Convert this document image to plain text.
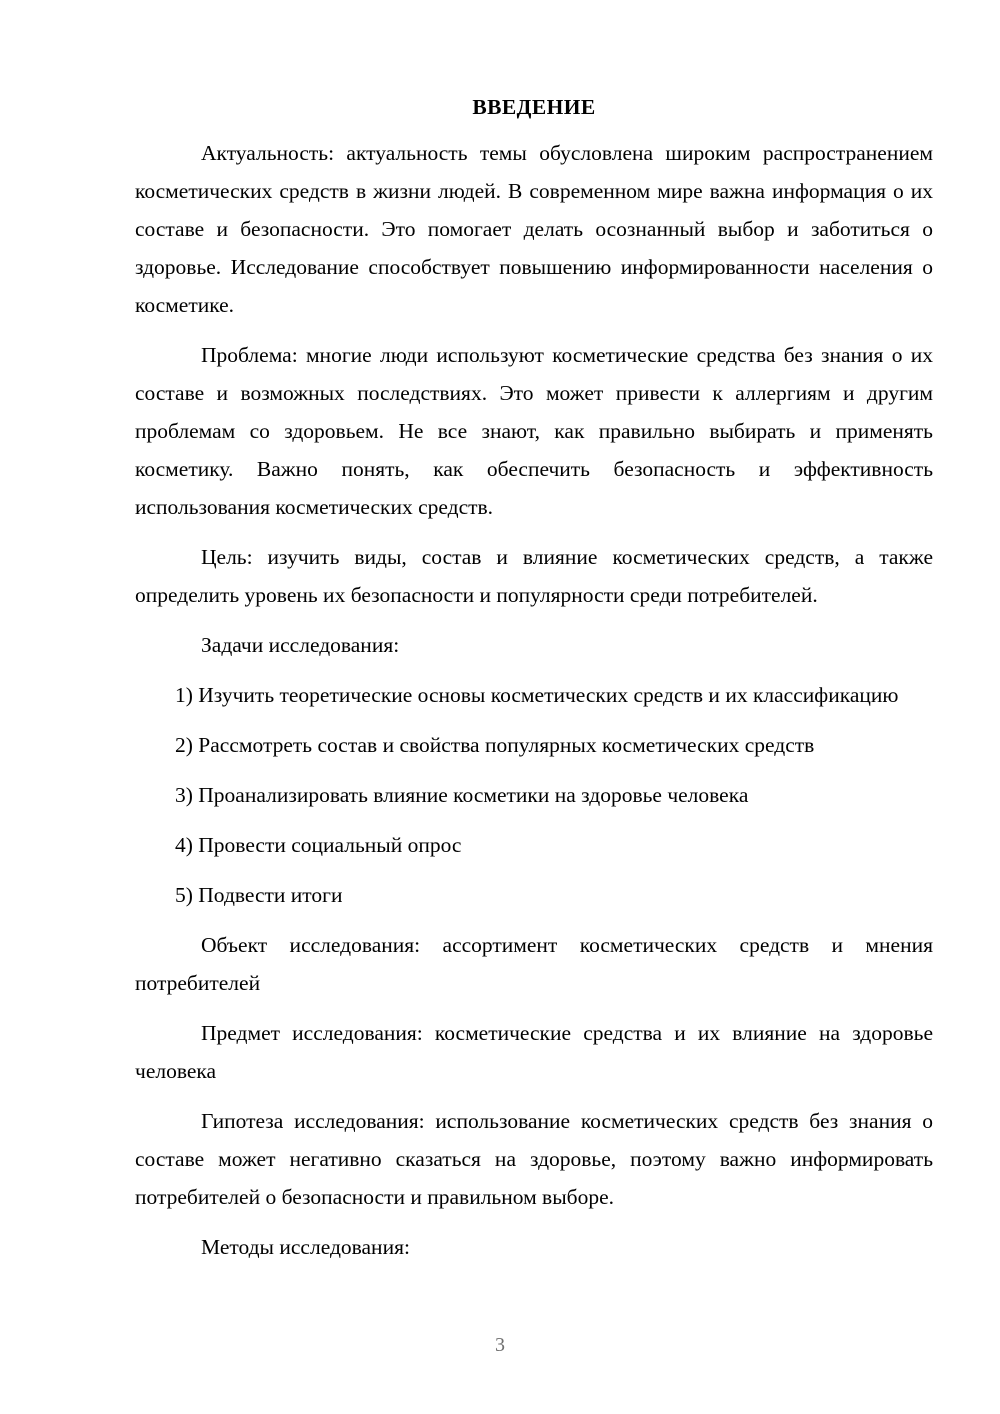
ВВЕДЕНИЕ

Актуальность: актуальность темы обусловлена широким распространением косметических средств в жизни людей. В современном мире важна информация о их составе и безопасности. Это помогает делать осознанный выбор и заботиться о здоровье. Исследование способствует повышению информированности населения о косметике.

Проблема: многие люди используют косметические средства без знания о их составе и возможных последствиях. Это может привести к аллергиям и другим проблемам со здоровьем. Не все знают, как правильно выбирать и применять косметику. Важно понять, как обеспечить безопасность и эффективность использования косметических средств.

Цель: изучить виды, состав и влияние косметических средств, а также определить уровень их безопасности и популярности среди потребителей.

Задачи исследования:

1) Изучить теоретические основы косметических средств и их классификацию

2) Рассмотреть состав и свойства популярных косметических средств

3) Проанализировать влияние косметики на здоровье человека

4) Провести социальный опрос

5) Подвести итоги

Объект исследования: ассортимент косметических средств и мнения потребителей

Предмет исследования: косметические средства и их влияние на здоровье человека

Гипотеза исследования: использование косметических средств без знания о составе может негативно сказаться на здоровье, поэтому важно информировать потребителей о безопасности и правильном выборе.

Методы исследования:

3
